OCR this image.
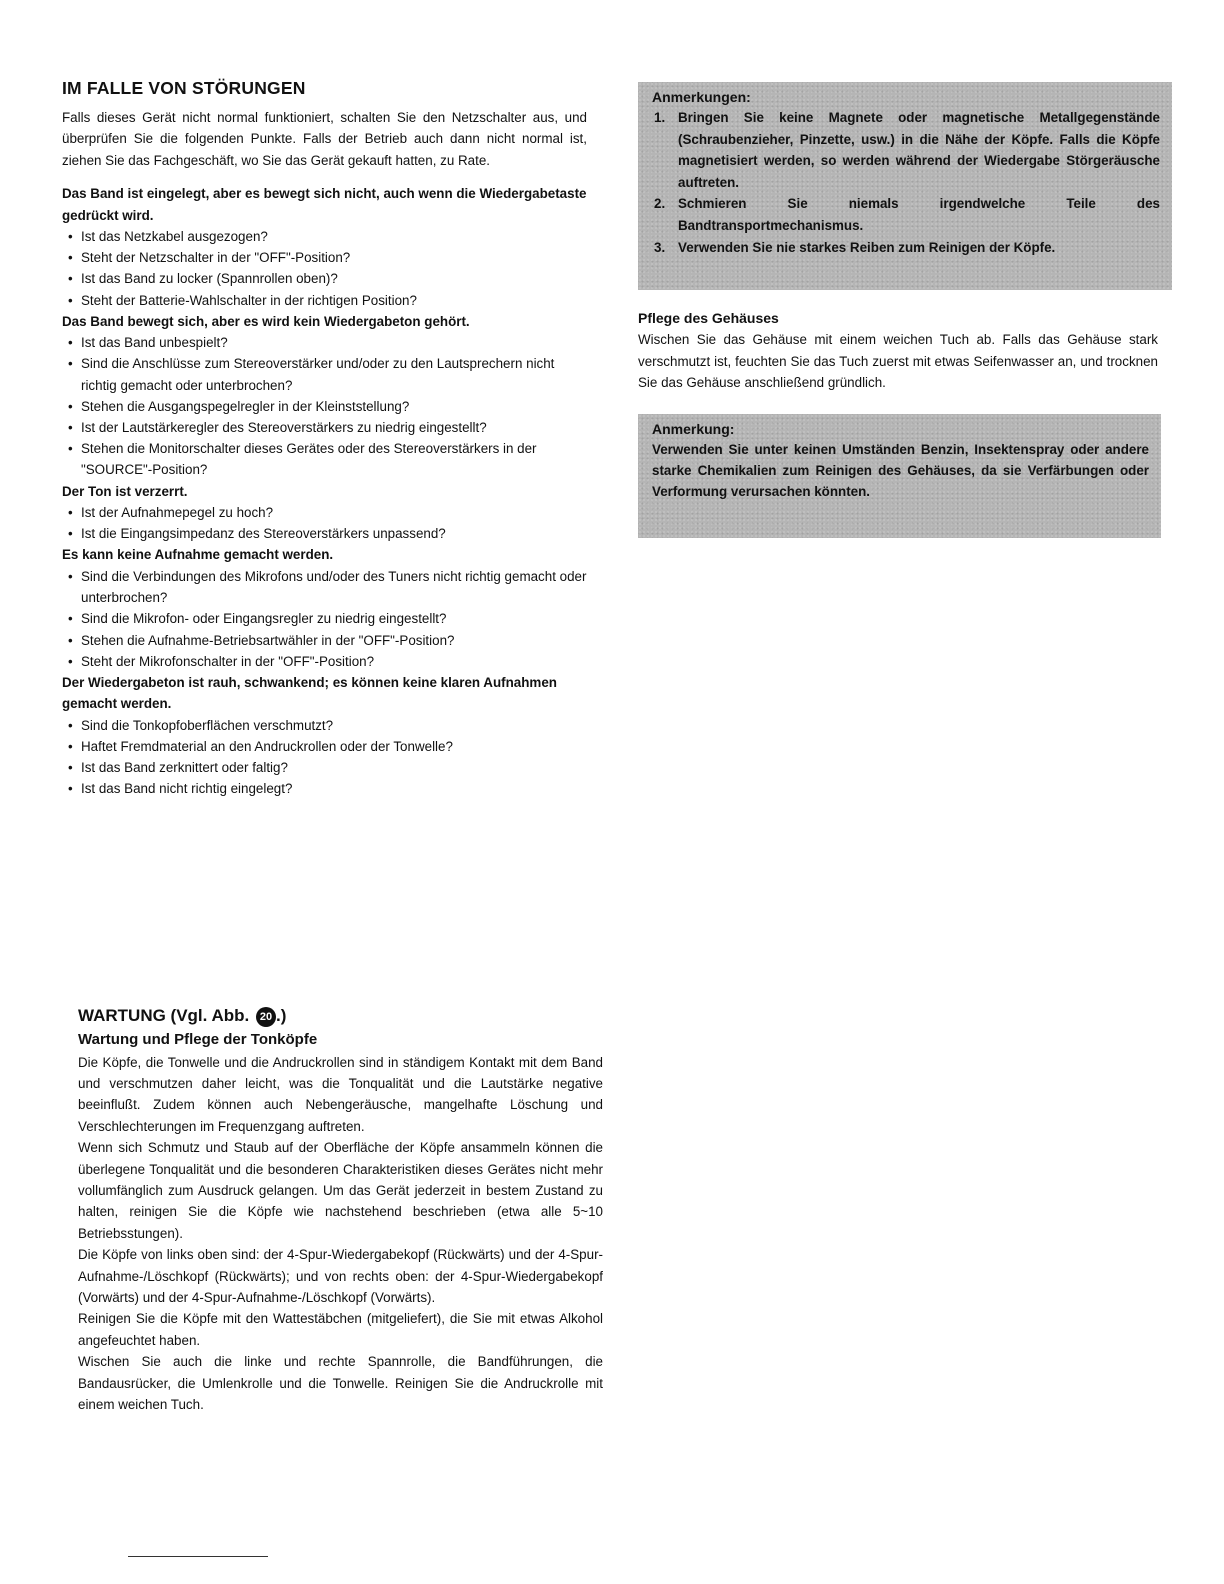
IM FALLE VON STÖRUNGEN

Falls dieses Gerät nicht normal funktioniert, schalten Sie den Netzschalter aus, und überprüfen Sie die folgenden Punkte. Falls der Betrieb auch dann nicht normal ist, ziehen Sie das Fachgeschäft, wo Sie das Gerät gekauft hatten, zu Rate.

Das Band ist eingelegt, aber es bewegt sich nicht, auch wenn die Wiedergabetaste gedrückt wird.
• Ist das Netzkabel ausgezogen?
• Steht der Netzschalter in der "OFF"-Position?
• Ist das Band zu locker (Spannrollen oben)?
• Steht der Batterie-Wahlschalter in der richtigen Position?
Das Band bewegt sich, aber es wird kein Wiedergabeton gehört.
• Ist das Band unbespielt?
• Sind die Anschlüsse zum Stereoverstärker und/oder zu den Lautsprechern nicht richtig gemacht oder unterbrochen?
• Stehen die Ausgangspegelregler in der Kleinststellung?
• Ist der Lautstärkeregler des Stereoverstärkers zu niedrig eingestellt?
• Stehen die Monitorschalter dieses Gerätes oder des Stereoverstärkers in der "SOURCE"-Position?
Der Ton ist verzerrt.
• Ist der Aufnahmepegel zu hoch?
• Ist die Eingangsimpedanz des Stereoverstärkers unpassend?
Es kann keine Aufnahme gemacht werden.
• Sind die Verbindungen des Mikrofons und/oder des Tuners nicht richtig gemacht oder unterbrochen?
• Sind die Mikrofon- oder Eingangsregler zu niedrig eingestellt?
• Stehen die Aufnahme-Betriebsartwähler in der "OFF"-Position?
• Steht der Mikrofonschalter in der "OFF"-Position?
Der Wiedergabeton ist rauh, schwankend; es können keine klaren Aufnahmen gemacht werden.
• Sind die Tonkopfoberflächen verschmutzt?
• Haftet Fremdmaterial an den Andruckrollen oder der Tonwelle?
• Ist das Band zerknittert oder faltig?
• Ist das Band nicht richtig eingelegt?
Anmerkungen:
1. Bringen Sie keine Magnete oder magnetische Metallgegenstände (Schraubenzieher, Pinzette, usw.) in die Nähe der Köpfe. Falls die Köpfe magnetisiert werden, so werden während der Wiedergabe Störgeräusche auftreten.
2. Schmieren Sie niemals irgendwelche Teile des Bandtransportmechanismus.
3. Verwenden Sie nie starkes Reiben zum Reinigen der Köpfe.
Pflege des Gehäuses

Wischen Sie das Gehäuse mit einem weichen Tuch ab. Falls das Gehäuse stark verschmutzt ist, feuchten Sie das Tuch zuerst mit etwas Seifenwasser an, und trocknen Sie das Gehäuse anschließend gründlich.

Anmerkung:

Verwenden Sie unter keinen Umständen Benzin, Insektenspray oder andere starke Chemikalien zum Reinigen des Gehäuses, da sie Verfärbungen oder Verformung verursachen könnten.

WARTUNG (Vgl. Abb. 20 .)
Wartung und Pflege der Tonköpfe

Die Köpfe, die Tonwelle und die Andruckrollen sind in ständigem Kontakt mit dem Band und verschmutzen daher leicht, was die Tonqualität und die Lautstärke negative beeinflußt. Zudem können auch Nebengeräusche, mangelhafte Löschung und Verschlechterungen im Frequenzgang auftreten.

Wenn sich Schmutz und Staub auf der Oberfläche der Köpfe ansammeln können die überlegene Tonqualität und die besonderen Charakteristiken dieses Gerätes nicht mehr vollumfänglich zum Ausdruck gelangen. Um das Gerät jederzeit in bestem Zustand zu halten, reinigen Sie die Köpfe wie nachstehend beschrieben (etwa alle 5~10 Betriebsstungen).

Die Köpfe von links oben sind: der 4-Spur-Wiedergabekopf (Rückwärts) und der 4-Spur-Aufnahme-/Löschkopf (Rückwärts); und von rechts oben: der 4-Spur-Wiedergabekopf (Vorwärts) und der 4-Spur-Aufnahme-/Löschkopf (Vorwärts).

Reinigen Sie die Köpfe mit den Wattestäbchen (mitgeliefert), die Sie mit etwas Alkohol angefeuchtet haben.

Wischen Sie auch die linke und rechte Spannrolle, die Bandführungen, die Bandausrücker, die Umlenkrolle und die Tonwelle. Reinigen Sie die Andruckrolle mit einem weichen Tuch.
